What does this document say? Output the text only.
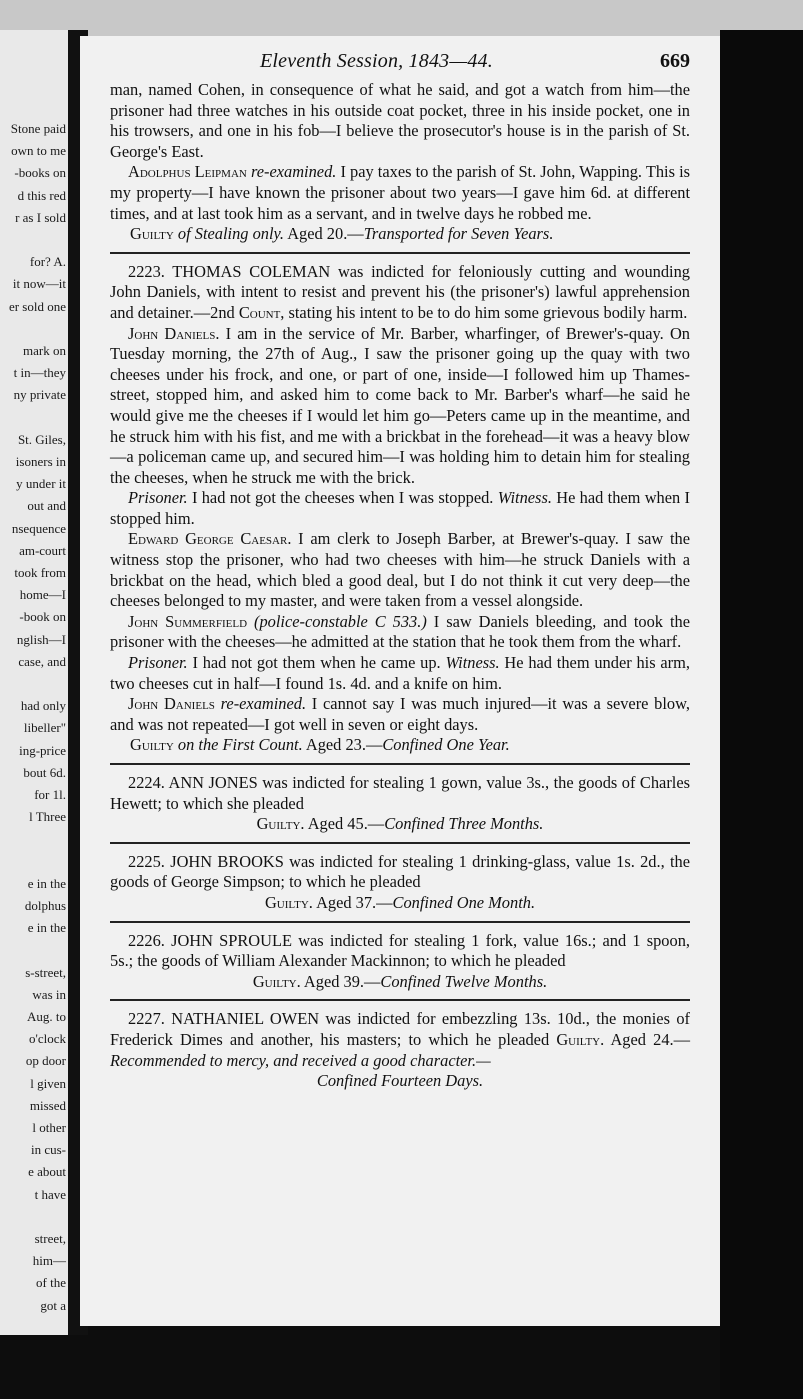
Stone paid
own to me
-books on
d this red
r as I sold
for? A.
it now—it
er sold one
mark on
t in—they
ny private
St. Giles,
isoners in
y under it
out and
nsequence
am-court
took from
home—I
-book on
nglish—I
case, and
had only
libeller"
ing-price
bout 6d.
for 1l.
l Three
e in the
dolphus
e in the
s-street,
was in
Aug. to
o'clock
op door
l given
missed
l other
in cus-
e about
t have
street,
him—
of the
got a
Eleventh Session, 1843—44.	669

man, named Cohen, in consequence of what he said, and got a watch from him—the prisoner had three watches in his outside coat pocket, three in his inside pocket, one in his trowsers, and one in his fob—I believe the prosecutor's house is in the parish of St. George's East.

Adolphus Leipman re-examined. I pay taxes to the parish of St. John, Wapping. This is my property—I have known the prisoner about two years—I gave him 6d. at different times, and at last took him as a servant, and in twelve days he robbed me.

Guilty of Stealing only. Aged 20.—Transported for Seven Years.

2223. THOMAS COLEMAN was indicted for feloniously cutting and wounding John Daniels, with intent to resist and prevent his (the prisoner's) lawful apprehension and detainer.—2nd Count, stating his intent to be to do him some grievous bodily harm.

John Daniels. I am in the service of Mr. Barber, wharfinger, of Brewer's-quay. On Tuesday morning, the 27th of Aug., I saw the prisoner going up the quay with two cheeses under his frock, and one, or part of one, inside—I followed him up Thames-street, stopped him, and asked him to come back to Mr. Barber's wharf—he said he would give me the cheeses if I would let him go—Peters came up in the meantime, and he struck him with his fist, and me with a brickbat in the forehead—it was a heavy blow—a policeman came up, and secured him—I was holding him to detain him for stealing the cheeses, when he struck me with the brick.

Prisoner. I had not got the cheeses when I was stopped. Witness. He had them when I stopped him.

Edward George Caesar. I am clerk to Joseph Barber, at Brewer's-quay. I saw the witness stop the prisoner, who had two cheeses with him—he struck Daniels with a brickbat on the head, which bled a good deal, but I do not think it cut very deep—the cheeses belonged to my master, and were taken from a vessel alongside.

John Summerfield (police-constable C 533.) I saw Daniels bleeding, and took the prisoner with the cheeses—he admitted at the station that he took them from the wharf.

Prisoner. I had not got them when he came up. Witness. He had them under his arm, two cheeses cut in half—I found 1s. 4d. and a knife on him.

John Daniels re-examined. I cannot say I was much injured—it was a severe blow, and was not repeated—I got well in seven or eight days.

Guilty on the First Count. Aged 23.—Confined One Year.

2224. ANN JONES was indicted for stealing 1 gown, value 3s., the goods of Charles Hewett; to which she pleaded

Guilty. Aged 45.—Confined Three Months.

2225. JOHN BROOKS was indicted for stealing 1 drinking-glass, value 1s. 2d., the goods of George Simpson; to which he pleaded

Guilty. Aged 37.—Confined One Month.

2226. JOHN SPROULE was indicted for stealing 1 fork, value 16s.; and 1 spoon, 5s.; the goods of William Alexander Mackinnon; to which he pleaded

Guilty. Aged 39.—Confined Twelve Months.

2227. NATHANIEL OWEN was indicted for embezzling 13s. 10d., the monies of Frederick Dimes and another, his masters; to which he pleaded Guilty. Aged 24.—Recommended to mercy, and received a good character.—

Confined Fourteen Days.
